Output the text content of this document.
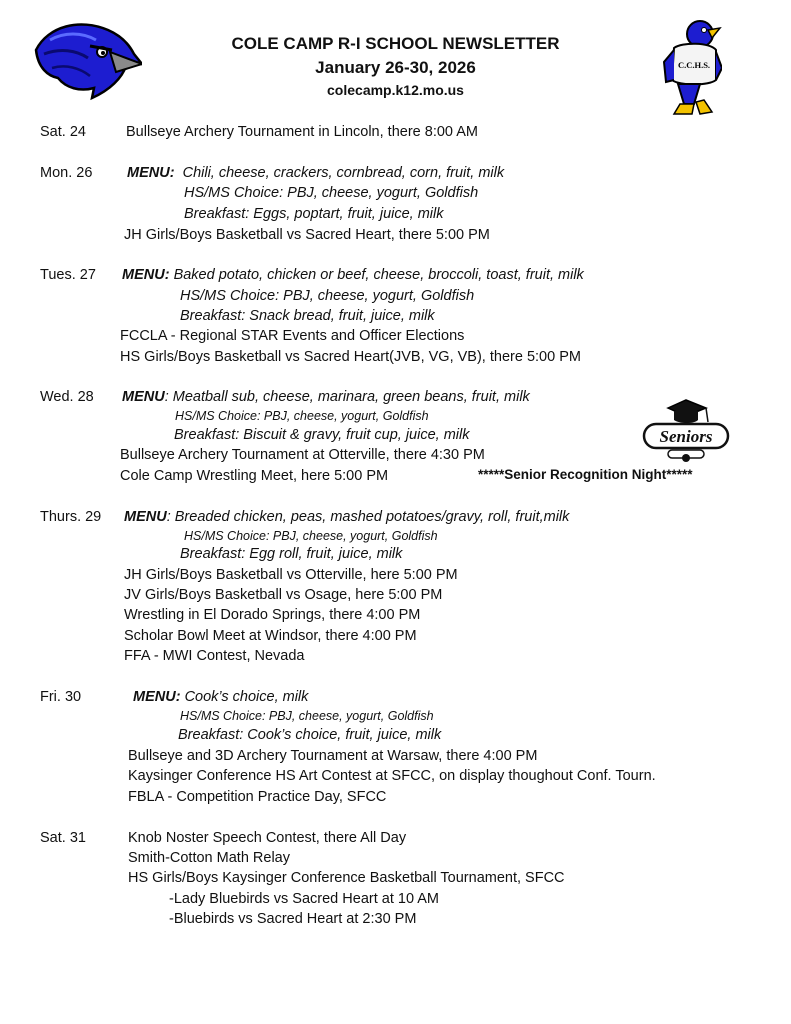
C.C.H.S.
COLE CAMP R-I SCHOOL NEWSLETTER
January 26-30, 2026
colecamp.k12.mo.us
Sat. 24	Bullseye Archery Tournament in Lincoln, there 8:00 AM
Mon. 26 MENU: Chili, cheese, crackers, cornbread, corn, fruit, milk
HS/MS Choice: PBJ, cheese, yogurt, Goldfish
Breakfast: Eggs, poptart, fruit, juice, milk
JH Girls/Boys Basketball vs Sacred Heart, there 5:00 PM
Tues. 27 MENU: Baked potato, chicken or beef, cheese, broccoli, toast, fruit, milk
HS/MS Choice: PBJ, cheese, yogurt, Goldfish
Breakfast: Snack bread, fruit, juice, milk
FCCLA - Regional STAR Events and Officer Elections
HS Girls/Boys Basketball vs Sacred Heart(JVB, VG, VB), there 5:00 PM
Wed. 28 MENU: Meatball sub, cheese, marinara, green beans, fruit, milk
HS/MS Choice: PBJ, cheese, yogurt, Goldfish
Breakfast: Biscuit & gravy, fruit cup, juice, milk
Bullseye Archery Tournament at Otterville, there 4:30 PM
Cole Camp Wrestling Meet, here 5:00 PM	*****Senior Recognition Night*****
Seniors
Thurs. 29 MENU: Breaded chicken, peas, mashed potatoes/gravy, roll, fruit,milk
HS/MS Choice: PBJ, cheese, yogurt, Goldfish
Breakfast: Egg roll, fruit, juice, milk
JH Girls/Boys Basketball vs Otterville, here 5:00 PM
JV Girls/Boys Basketball vs Osage, here 5:00 PM
Wrestling in El Dorado Springs, there 4:00 PM
Scholar Bowl Meet at Windsor, there 4:00 PM
FFA - MWI Contest, Nevada
Fri. 30	MENU: Cook’s choice, milk
HS/MS Choice: PBJ, cheese, yogurt, Goldfish
Breakfast: Cook’s choice, fruit, juice, milk
Bullseye and 3D Archery Tournament at Warsaw, there 4:00 PM
Kaysinger Conference HS Art Contest at SFCC, on display thoughout Conf. Tourn.
FBLA - Competition Practice Day, SFCC
Sat. 31	Knob Noster Speech Contest, there All Day
Smith-Cotton Math Relay
HS Girls/Boys Kaysinger Conference Basketball Tournament, SFCC
-Lady Bluebirds vs Sacred Heart at 10 AM
-Bluebirds vs Sacred Heart at 2:30 PM
